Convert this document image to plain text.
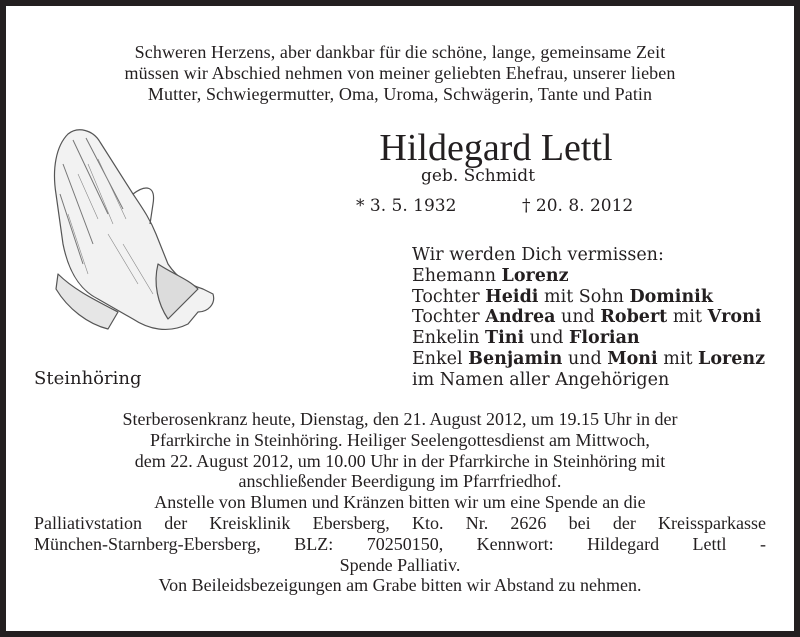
Schweren Herzens, aber dankbar für die schöne, lange, gemeinsame Zeit
müssen wir Abschied nehmen von meiner geliebten Ehefrau, unserer lieben
Mutter, Schwiegermutter, Oma, Uroma, Schwägerin, Tante und Patin
Steinhöring
Hildegard Lettl
geb. Schmidt
* 3. 5. 1932	† 20. 8. 2012
Wir werden Dich vermissen:
Ehemann Lorenz
Tochter Heidi mit Sohn Dominik
Tochter Andrea und Robert mit Vroni
Enkelin Tini und Florian
Enkel Benjamin und Moni mit Lorenz
im Namen aller Angehörigen
Sterberosenkranz heute, Dienstag, den 21. August 2012, um 19.15 Uhr in der
Pfarrkirche in Steinhöring. Heiliger Seelengottesdienst am Mittwoch,
dem 22. August 2012, um 10.00 Uhr in der Pfarrkirche in Steinhöring mit
anschließender Beerdigung im Pfarrfriedhof.
Anstelle von Blumen und Kränzen bitten wir um eine Spende an die
Palliativstation der Kreisklinik Ebersberg, Kto. Nr. 2626 bei der Kreissparkasse
München-Starnberg-Ebersberg, BLZ: 70250150, Kennwort: Hildegard Lettl -
Spende Palliativ.
Von Beileidsbezeigungen am Grabe bitten wir Abstand zu nehmen.
